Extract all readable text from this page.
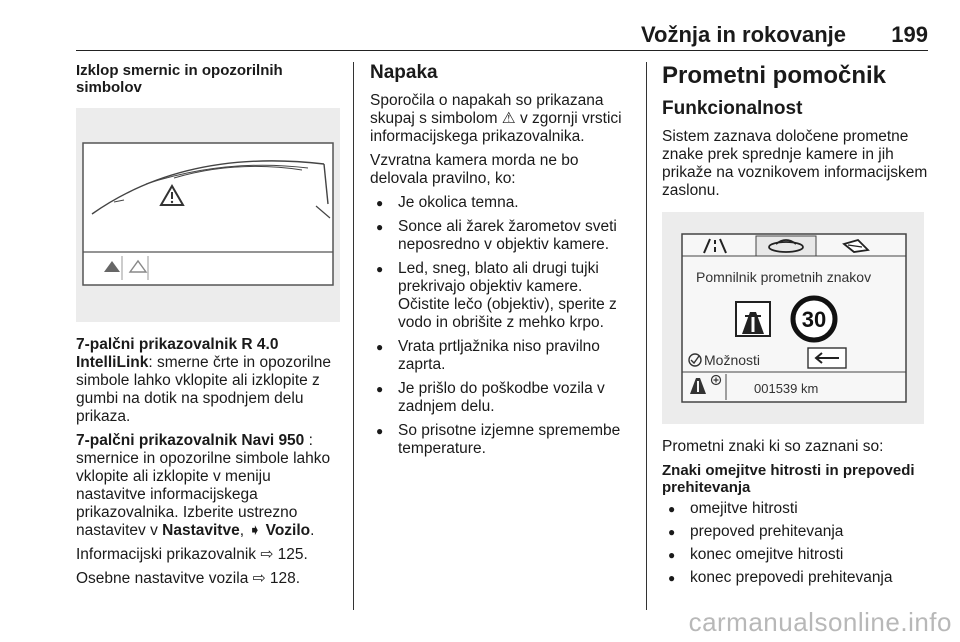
Vožnja in rokovanje 199
Izklop smernic in opozorilnih simbolov

7-palčni prikazovalnik R 4.0
IntelliLink: smerne črte in opozorilne simbole lahko vklopite ali izklopite z gumbi na dotik na spodnjem delu prikaza.

7-palčni prikazovalnik Navi 950 : smernice in opozorilne simbole lahko vklopite ali izklopite v meniju nastavitve informacijskega prikazovalnika. Izberite ustrezno nastavitev v Nastavitve, ➧ Vozilo.

Informacijski prikazovalnik ⇨ 125.

Osebne nastavitve vozila ⇨ 128.

Napaka

Sporočila o napakah so prikazana skupaj s simbolom ⚠ v zgornji vrstici informacijskega prikazovalnika.

Vzvratna kamera morda ne bo delovala pravilno, ko:

● Je okolica temna.
● Sonce ali žarek žarometov sveti neposredno v objektiv kamere.
● Led, sneg, blato ali drugi tujki prekrivajo objektiv kamere. Očistite lečo (objektiv), sperite z vodo in obrišite z mehko krpo.
● Vrata prtljažnika niso pravilno zaprta.
● Je prišlo do poškodbe vozila v zadnjem delu.
● So prisotne izjemne spremembe temperature.
Prometni pomočnik
Funkcionalnost

Sistem zaznava določene prometne znake prek sprednje kamere in jih prikaže na voznikovem informacijskem zaslonu.

Pomnilnik prometnih znakov
30
Možnosti
001539 km

Prometni znaki ki so zaznani so:

Znaki omejitve hitrosti in prepovedi prehitevanja
● omejitve hitrosti
● prepoved prehitevanja
● konec omejitve hitrosti
● konec prepovedi prehitevanja
carmanualsonline.info
